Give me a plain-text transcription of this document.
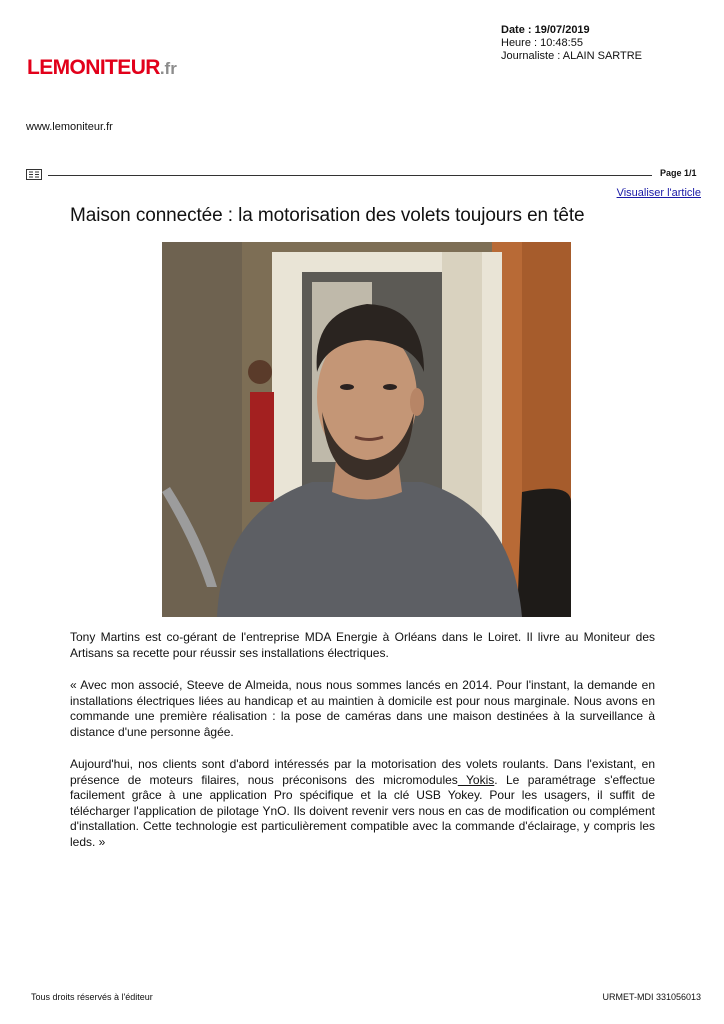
Date : 19/07/2019
Heure : 10:48:55
Journaliste : ALAIN SARTRE
LEMONITEUR.fr
www.lemoniteur.fr
Page 1/1
Visualiser l'article
Maison connectée : la motorisation des volets toujours en tête

Tony Martins est co-gérant de l'entreprise MDA Energie à Orléans dans le Loiret. Il livre au Moniteur des Artisans sa recette pour réussir ses installations électriques.

« Avec mon associé, Steeve de Almeida, nous nous sommes lancés en 2014. Pour l'instant, la demande en installations électriques liées au handicap et au maintien à domicile est pour nous marginale. Nous avons en commande une première réalisation : la pose de caméras dans une maison destinées à la surveillance à distance d'une personne âgée.

Aujourd'hui, nos clients sont d'abord intéressés par la motorisation des volets roulants. Dans l'existant, en présence de moteurs filaires, nous préconisons des micromodules Yokis. Le paramétrage s'effectue facilement grâce à une application Pro spécifique et la clé USB Yokey. Pour les usagers, il suffit de télécharger l'application de pilotage YnO. Ils doivent revenir vers nous en cas de modification ou complément d'installation. Cette technologie est particulièrement compatible avec la commande d'éclairage, y compris les leds. »

Tous droits réservés à l'éditeur	URMET-MDI 331056013
